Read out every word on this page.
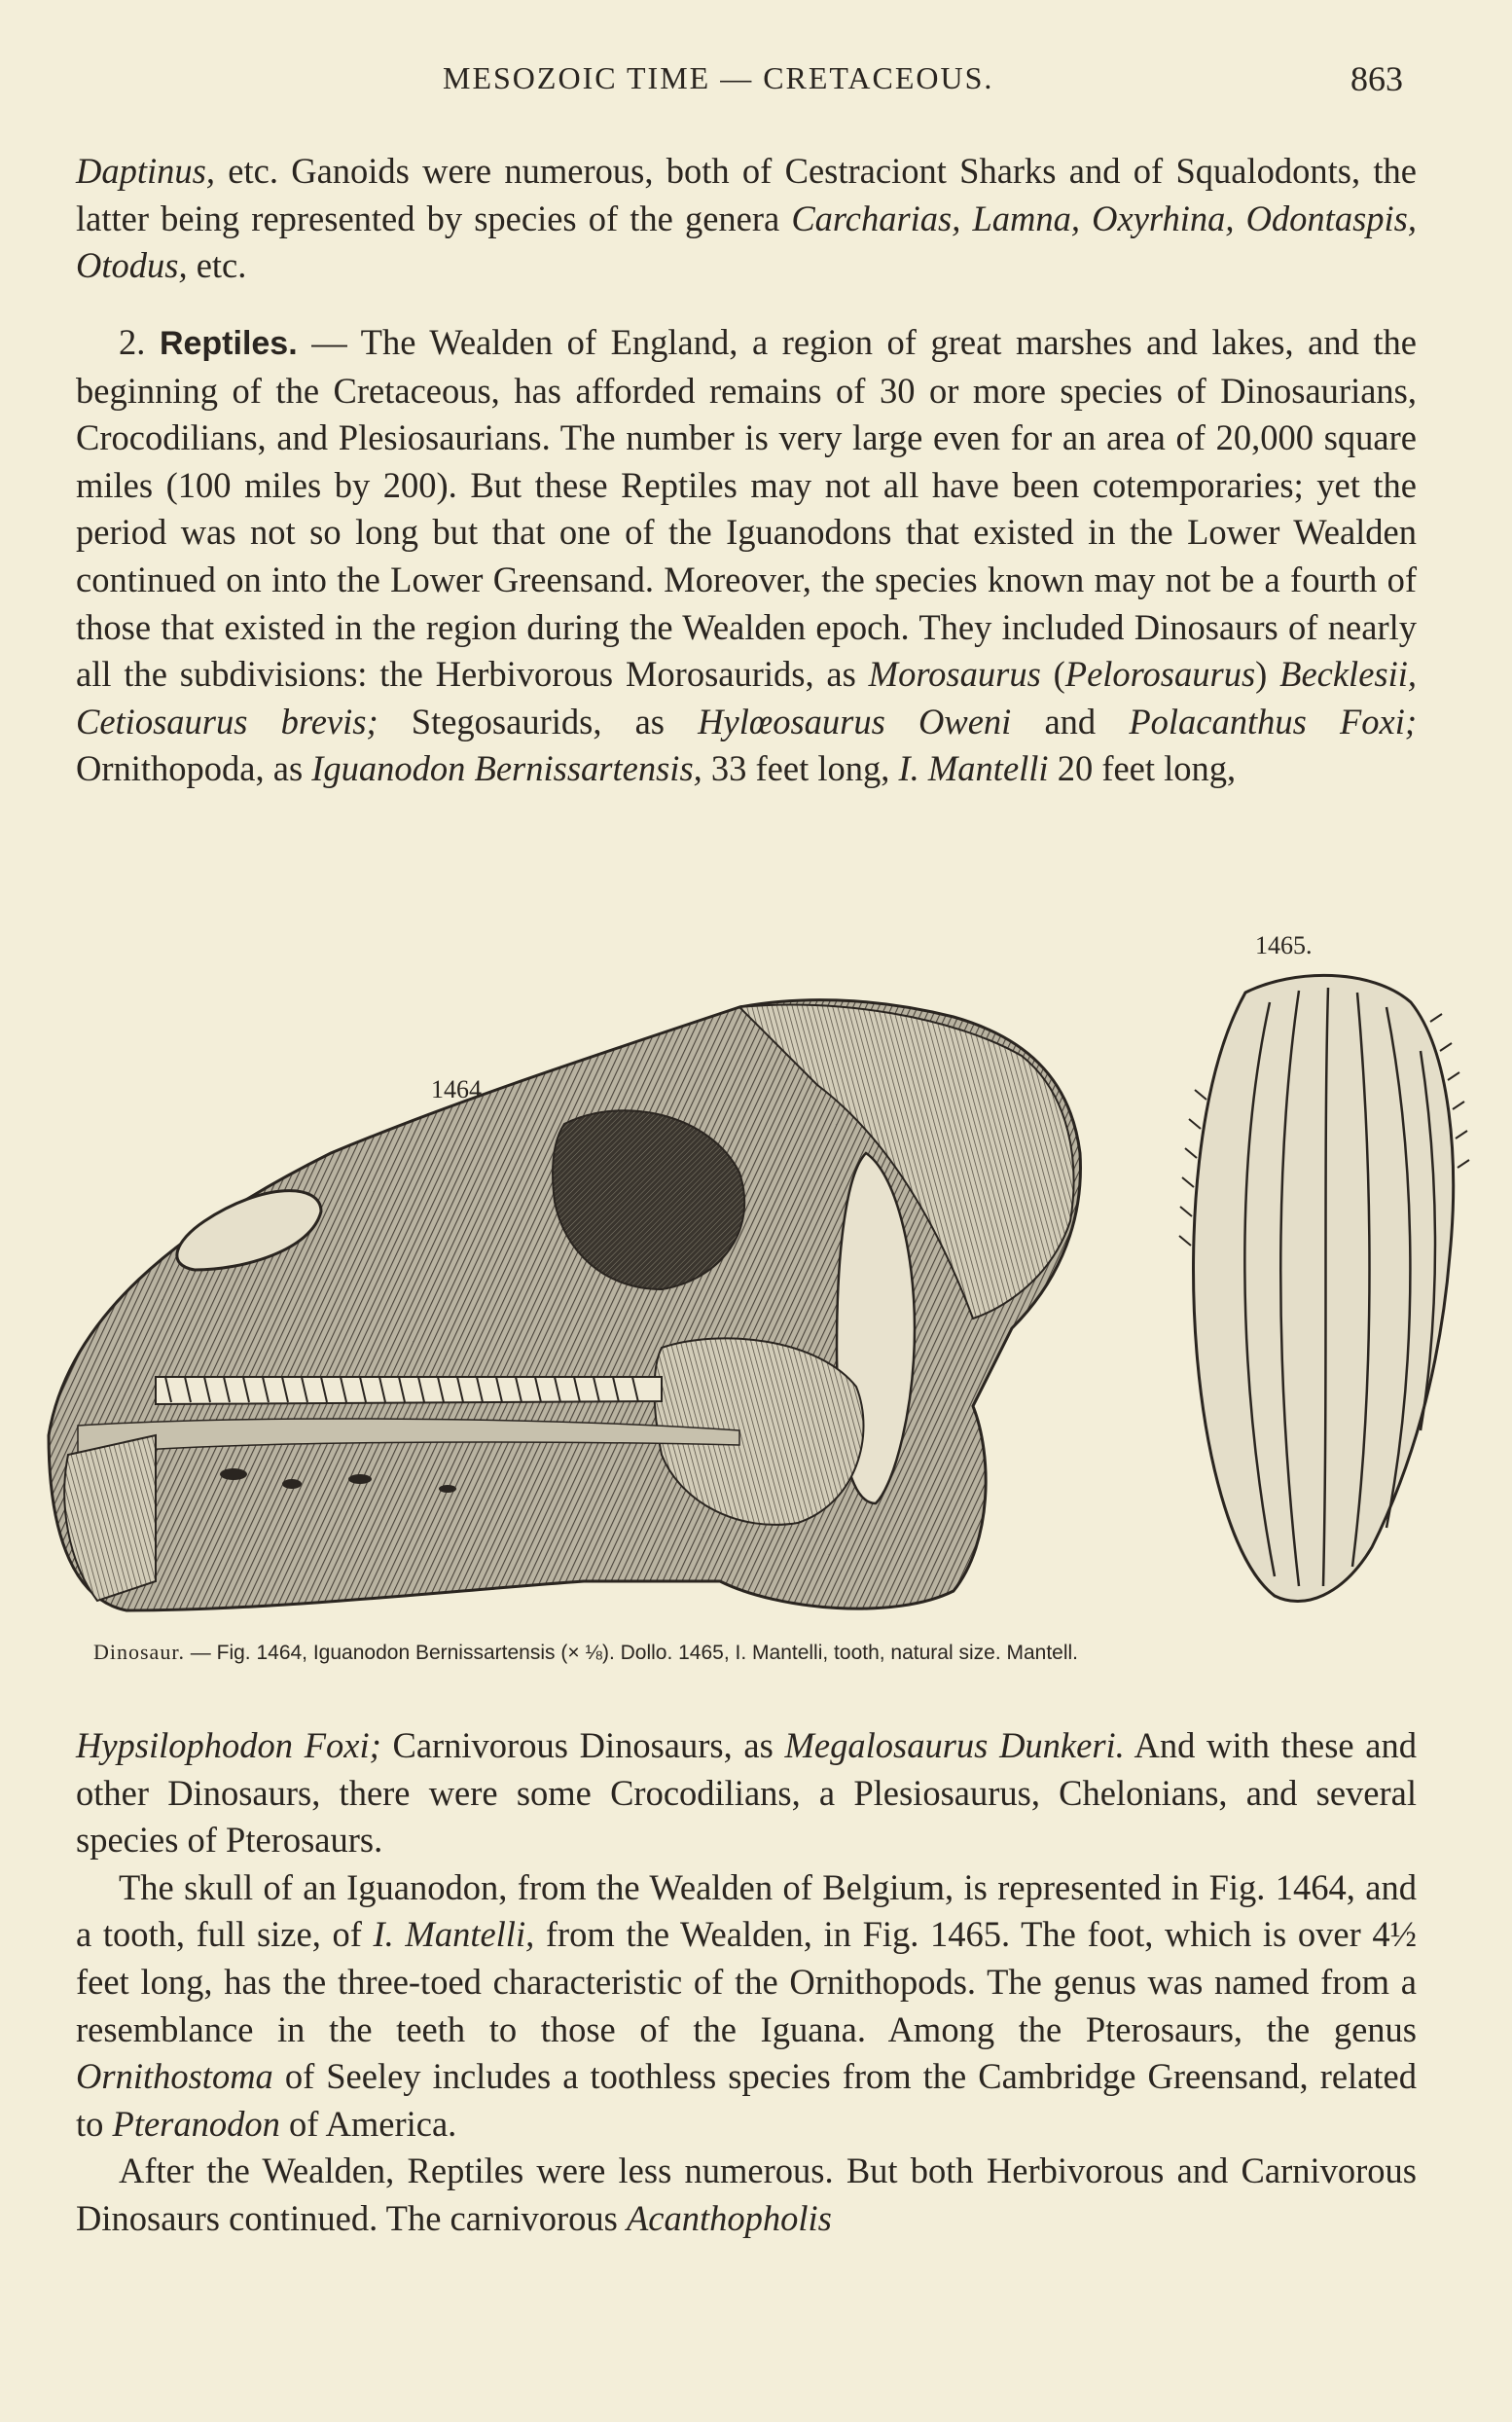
MESOZOIC TIME — CRETACEOUS.	863

Daptinus, etc. Ganoids were numerous, both of Cestraciont Sharks and of Squalodonts, the latter being represented by species of the genera Carcharias, Lamna, Oxyrhina, Odontaspis, Otodus, etc.

2. Reptiles. — The Wealden of England, a region of great marshes and lakes, and the beginning of the Cretaceous, has afforded remains of 30 or more species of Dinosaurians, Crocodilians, and Plesiosaurians. The number is very large even for an area of 20,000 square miles (100 miles by 200). But these Reptiles may not all have been cotemporaries; yet the period was not so long but that one of the Iguanodons that existed in the Lower Wealden continued on into the Lower Greensand. Moreover, the species known may not be a fourth of those that existed in the region during the Wealden epoch. They included Dinosaurs of nearly all the subdivisions: the Herbivorous Morosaurids, as Morosaurus (Pelorosaurus) Becklesii, Cetiosaurus brevis; Stegosaurids, as Hylœosaurus Oweni and Polacanthus Foxi; Ornithopoda, as Iguanodon Bernissartensis, 33 feet long, I. Mantelli 20 feet long,

1464.
1465.
Dinosaur. — Fig. 1464, Iguanodon Bernissartensis (× ⅛). Dollo. 1465, I. Mantelli, tooth, natural size. Mantell.

Hypsilophodon Foxi; Carnivorous Dinosaurs, as Megalosaurus Dunkeri. And with these and other Dinosaurs, there were some Crocodilians, a Plesiosaurus, Chelonians, and several species of Pterosaurs.

The skull of an Iguanodon, from the Wealden of Belgium, is represented in Fig. 1464, and a tooth, full size, of I. Mantelli, from the Wealden, in Fig. 1465. The foot, which is over 4½ feet long, has the three-toed characteristic of the Ornithopods. The genus was named from a resemblance in the teeth to those of the Iguana. Among the Pterosaurs, the genus Ornithostoma of Seeley includes a toothless species from the Cambridge Greensand, related to Pteranodon of America.

After the Wealden, Reptiles were less numerous. But both Herbivorous and Carnivorous Dinosaurs continued. The carnivorous Acanthopholis
